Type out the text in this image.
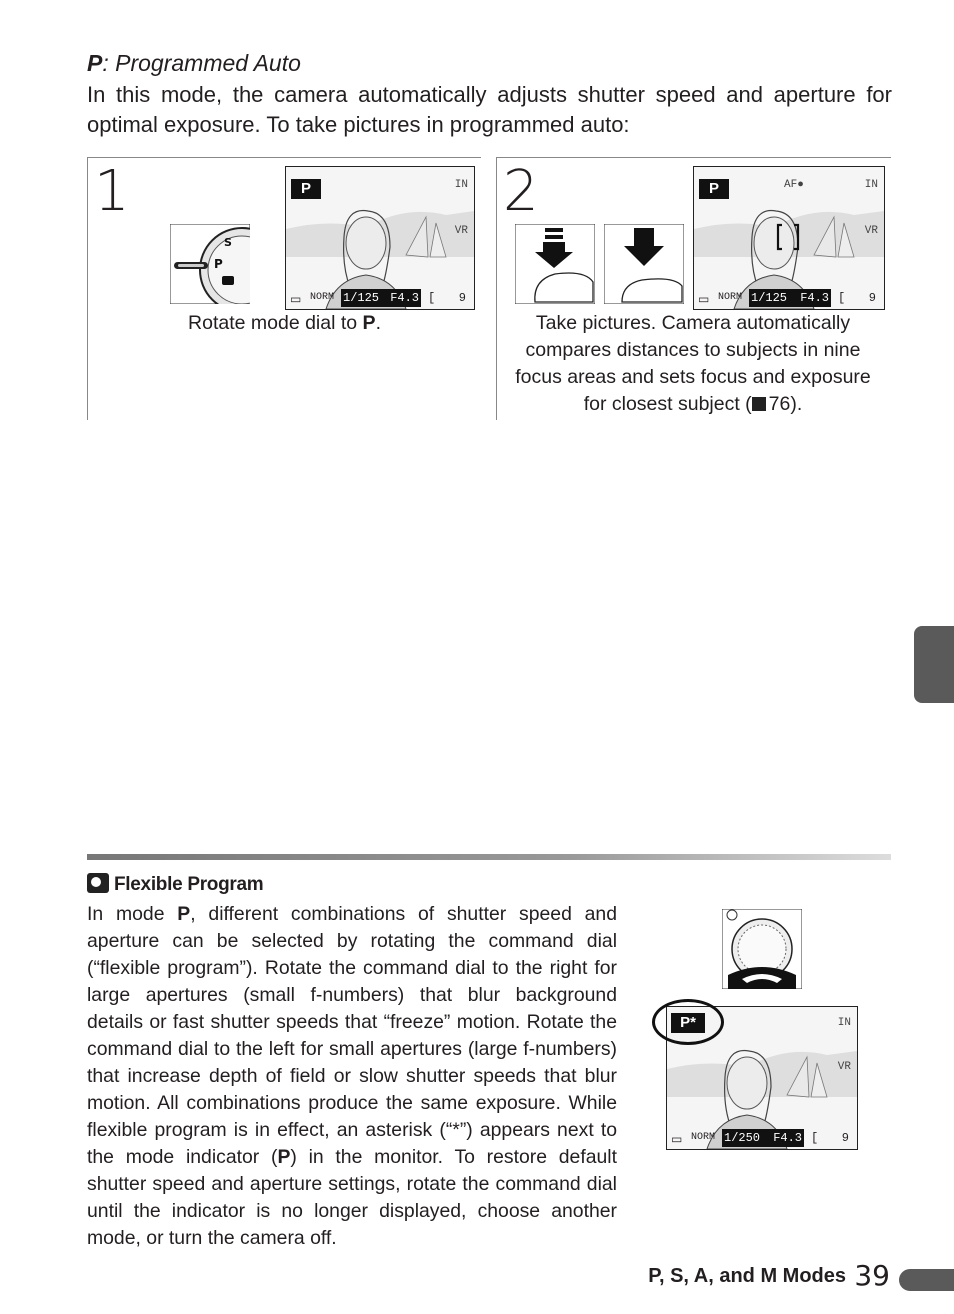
P: Programmed Auto
In this mode, the camera automatically adjusts shutter speed and aperture for optimal exposure. To take pictures in programmed auto:
1
S
P
P	IN
VR
▭ NORM 1/125 F4.3 [ 9
Rotate mode dial to P.
2	P	AF●	IN
VR
▭ NORM 1/125 F4.3 [ 9
Take pictures. Camera automatically compares distances to subjects in nine focus areas and sets focus and exposure for closest subject ( 76).
Flexible Program
In mode P, different combinations of shutter speed and aperture can be selected by rotating the command dial (“flexible program”). Rotate the command dial to the right for large apertures (small f-numbers) that blur background details or fast shutter speeds that “freeze” motion. Rotate the command dial to the left for small apertures (large f-numbers) that increase depth of field or slow shutter speeds that blur motion. All combinations produce the same exposure. While flexible program is in effect, an asterisk (“*”) appears next to the mode indicator (P) in the monitor. To restore default shutter speed and aperture settings, rotate the command dial until the indicator is no longer displayed, choose another mode, or turn the camera off.
P*	IN
VR
▭ NORM 1/250 F4.3 [ 9
P, S, A, and M Modes 39
